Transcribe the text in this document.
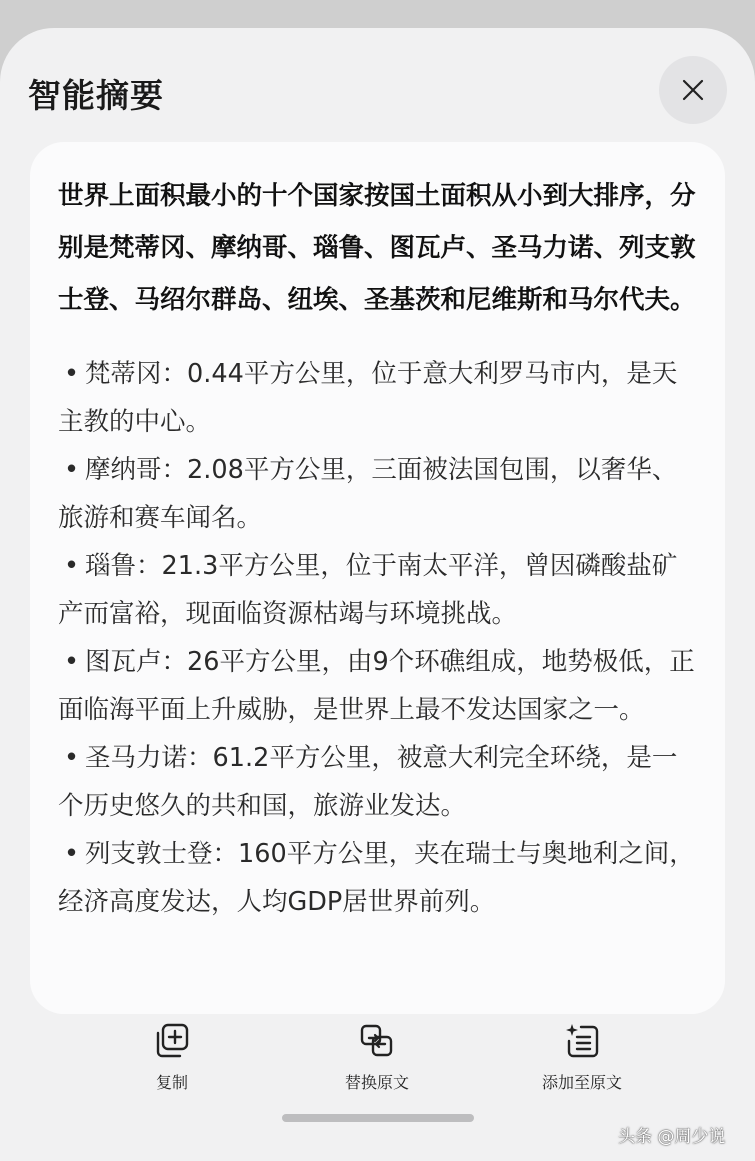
智能摘要

世界上面积最小的十个国家按国土面积从小到大排序，分别是梵蒂冈、摩纳哥、瑙鲁、图瓦卢、圣马力诺、列支敦士登、马绍尔群岛、纽埃、圣基茨和尼维斯和马尔代夫。

• 梵蒂冈：0.44平方公里，位于意大利罗马市内，是天主教的中心。
• 摩纳哥：2.08平方公里，三面被法国包围，以奢华、旅游和赛车闻名。
• 瑙鲁：21.3平方公里，位于南太平洋，曾因磷酸盐矿产而富裕，现面临资源枯竭与环境挑战。
• 图瓦卢：26平方公里，由9个环礁组成，地势极低，正面临海平面上升威胁，是世界上最不发达国家之一。
• 圣马力诺：61.2平方公里，被意大利完全环绕，是一个历史悠久的共和国，旅游业发达。
• 列支敦士登：160平方公里，夹在瑞士与奥地利之间，经济高度发达，人均GDP居世界前列。
复制	替换原文	添加至原文
头条 @周少说
